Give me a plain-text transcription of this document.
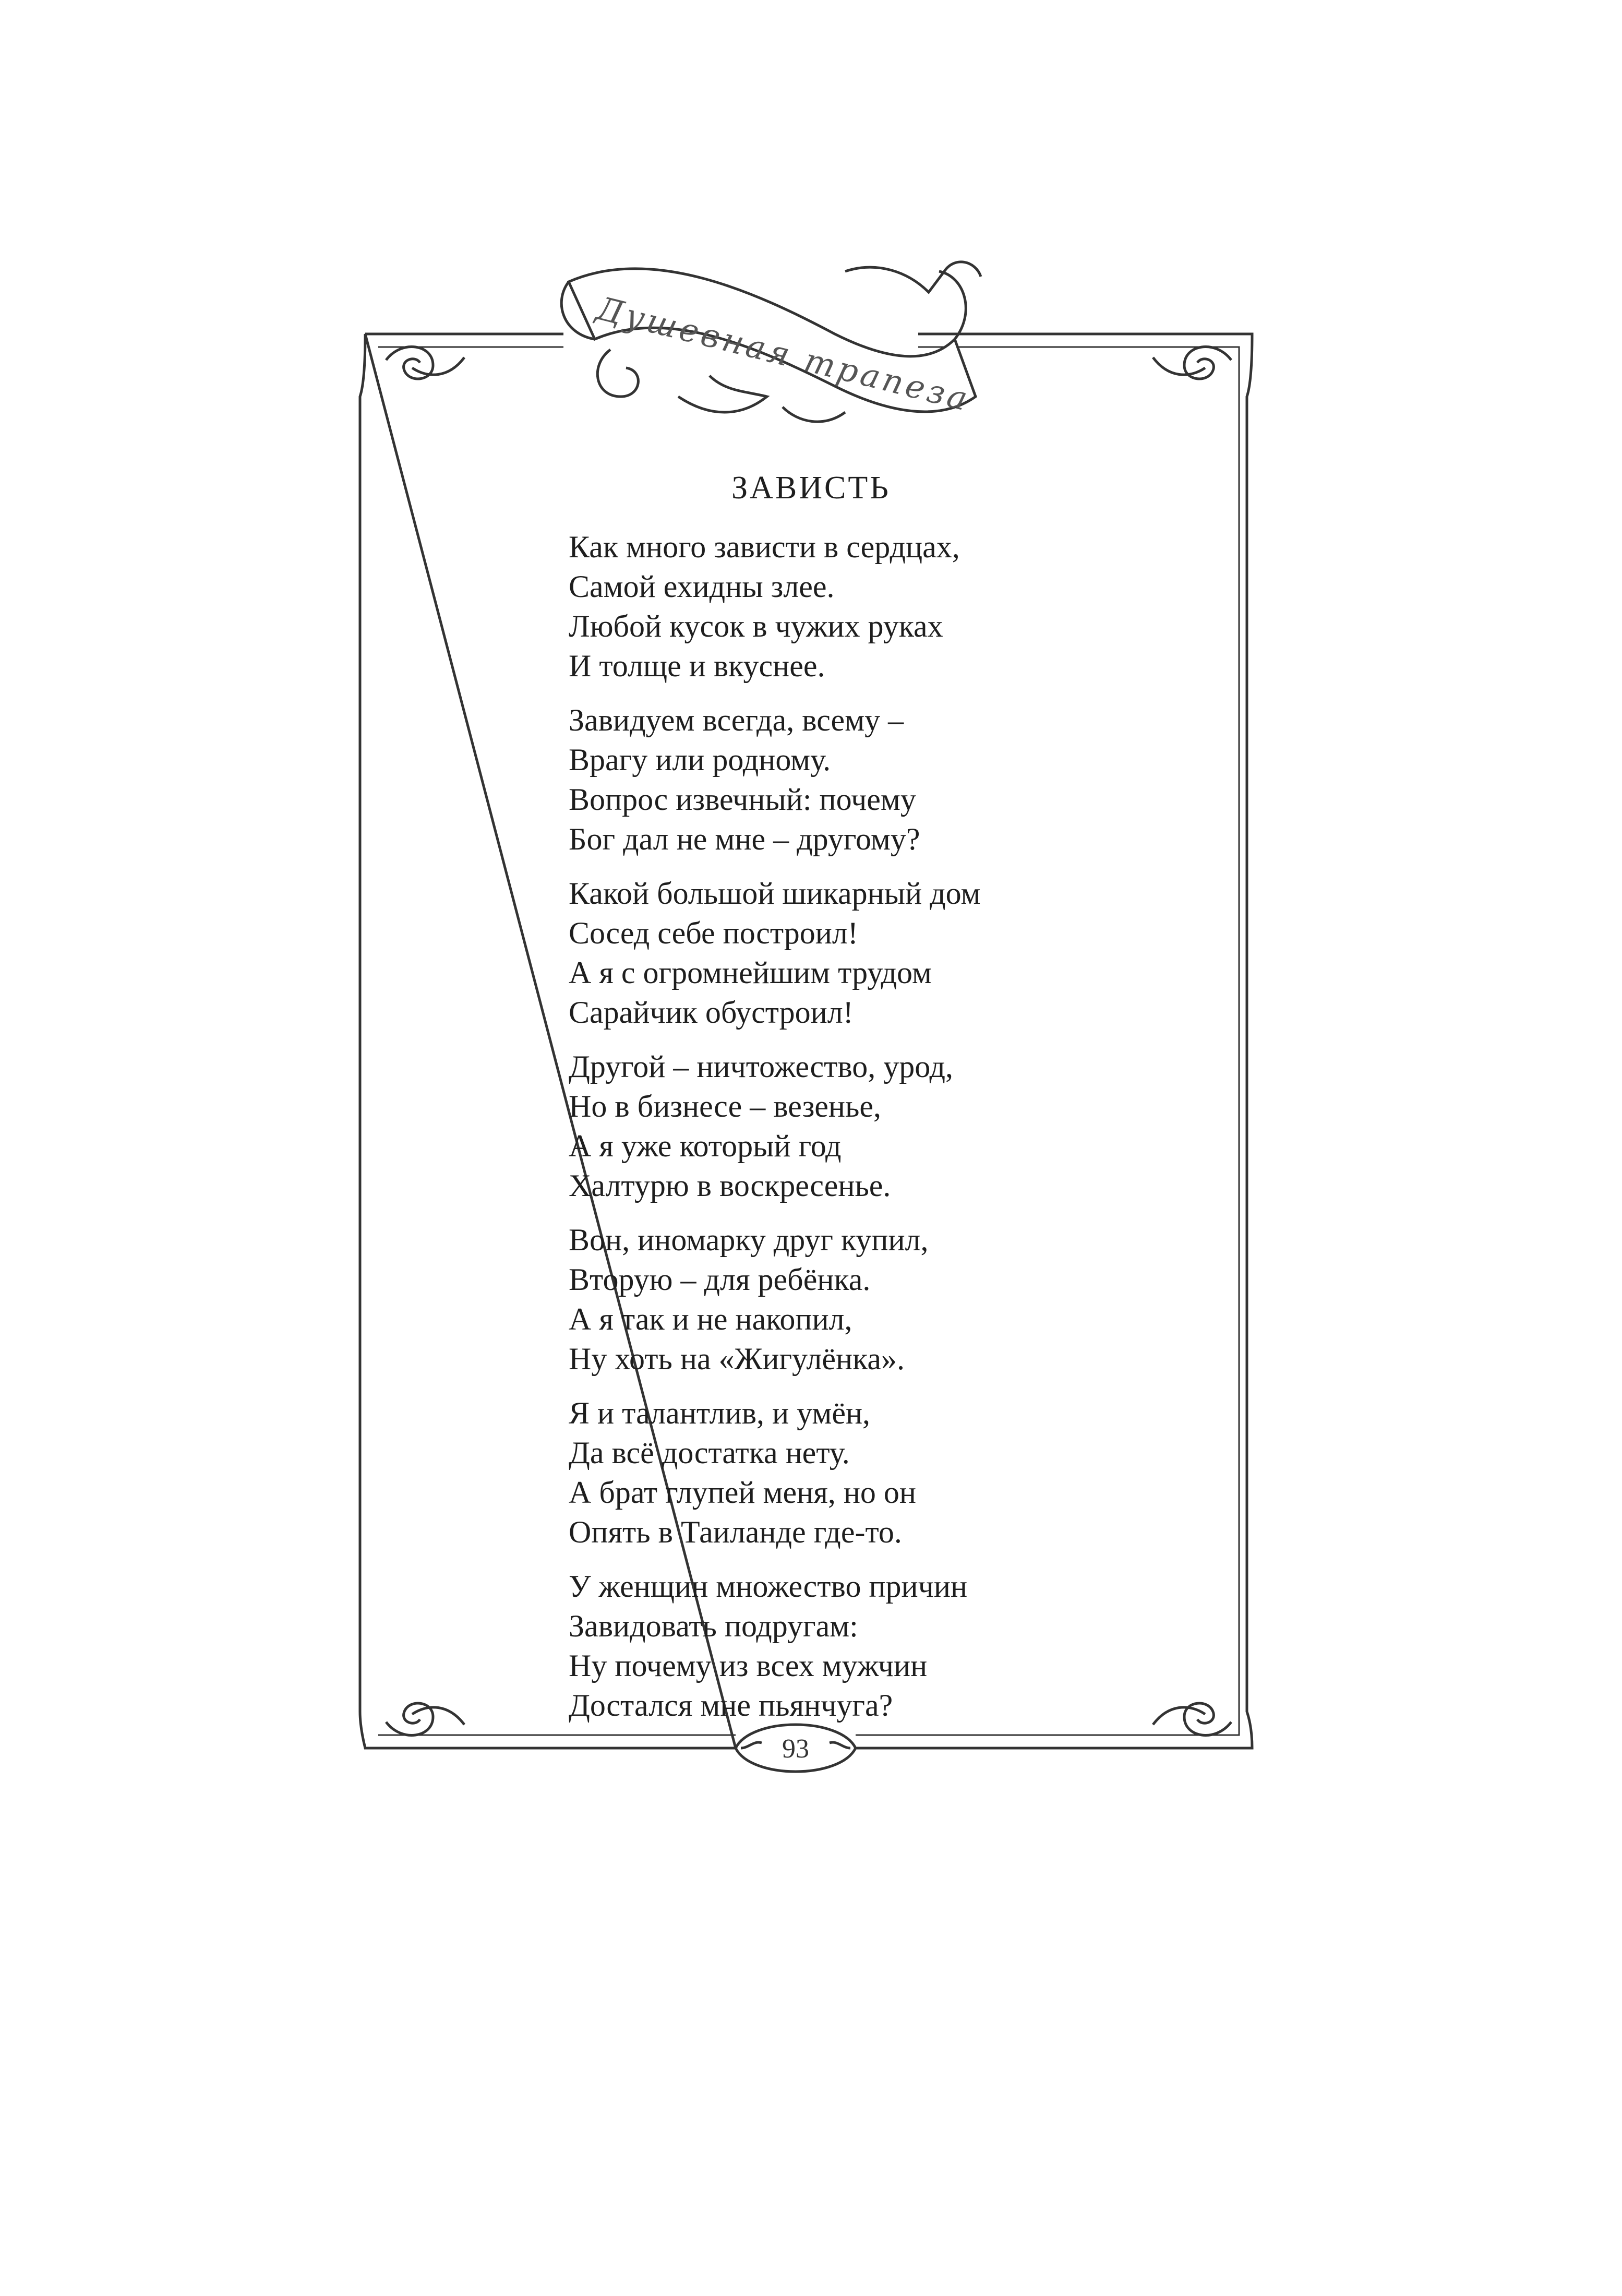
Душевная трапеза
93
ЗАВИСТЬ
Как много зависти в сердцах,
Самой ехидны злее.
Любой кусок в чужих руках
И толще и вкуснее.
Завидуем всегда, всему –
Врагу или родному.
Вопрос извечный: почему
Бог дал не мне – другому?
Какой большой шикарный дом
Сосед себе построил!
А я с огромнейшим трудом
Сарайчик обустроил!
Другой – ничтожество, урод,
Но в бизнесе – везенье,
А я уже который год
Халтурю в воскресенье.
Вон, иномарку друг купил,
Вторую – для ребёнка.
А я так и не накопил,
Ну хоть на «Жигулёнка».
Я и талантлив, и умён,
Да всё достатка нету.
А брат глупей меня, но он
Опять в Таиланде где-то.
У женщин множество причин
Завидовать подругам:
Ну почему из всех мужчин
Достался мне пьянчуга?
